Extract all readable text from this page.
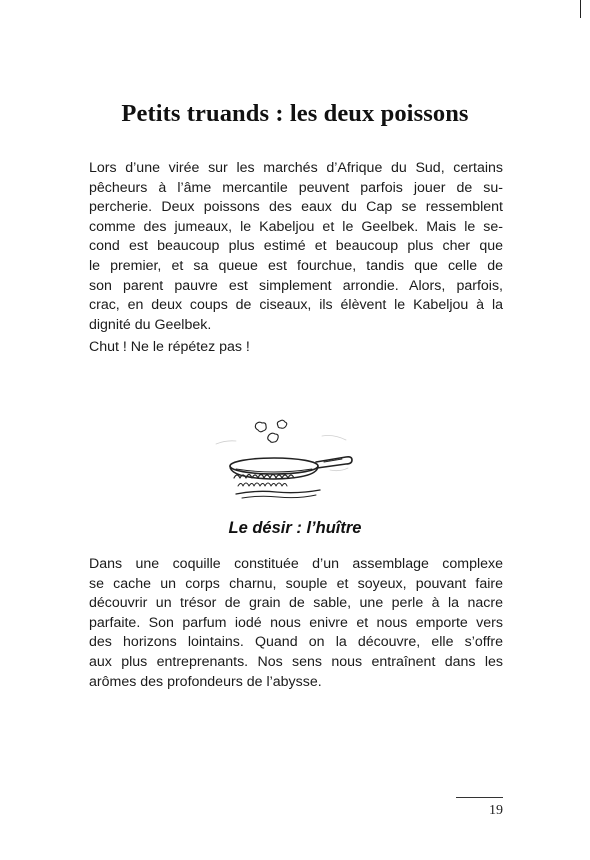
Petits truands : les deux poissons

Lors d’une virée sur les marchés d’Afrique du Sud, certains
pêcheurs à l’âme mercantile peuvent parfois jouer de su-
percherie. Deux poissons des eaux du Cap se ressemblent
comme des jumeaux, le Kabeljou et le Geelbek. Mais le se-
cond est beaucoup plus estimé et beaucoup plus cher que
le premier, et sa queue est fourchue, tandis que celle de
son parent pauvre est simplement arrondie. Alors, parfois,
crac, en deux coups de ciseaux, ils élèvent le Kabeljou à la
dignité du Geelbek.

Chut ! Ne le répétez pas !

Le désir : l’huître

Dans une coquille constituée d’un assemblage complexe
se cache un corps charnu, souple et soyeux, pouvant faire
découvrir un trésor de grain de sable, une perle à la nacre
parfaite. Son parfum iodé nous enivre et nous emporte vers
des horizons lointains. Quand on la découvre, elle s’offre
aux plus entreprenants. Nos sens nous entraînent dans les
arômes des profondeurs de l’abysse.

19
